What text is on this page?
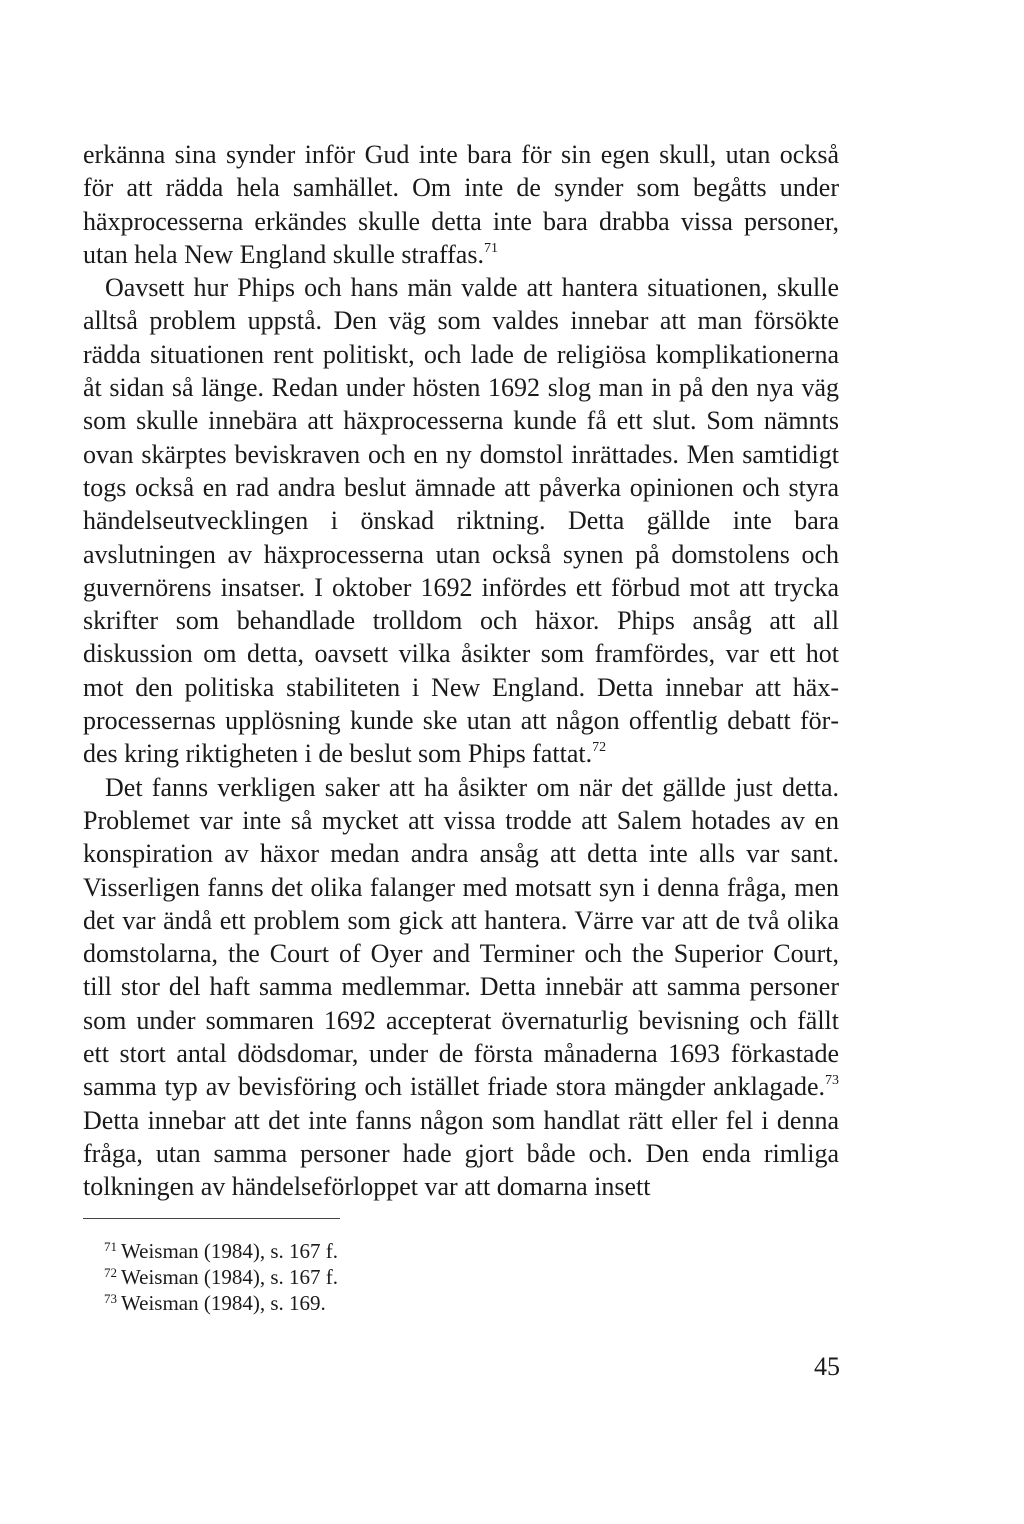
erkänna sina synder inför Gud inte bara för sin egen skull, utan också för att rädda hela samhället. Om inte de synder som begåtts under häxprocesserna erkändes skulle detta inte bara drabba vissa personer, utan hela New England skulle straffas.$^{71}$

Oavsett hur Phips och hans män valde att hantera situationen, skulle alltså problem uppstå. Den väg som valdes innebar att man försökte rädda situationen rent politiskt, och lade de religiösa komplikationerna åt sidan så länge. Redan under hösten 1692 slog man in på den nya väg som skulle innebära att häxprocesserna kunde få ett slut. Som nämnts ovan skärptes beviskraven och en ny domstol inrättades. Men samtidigt togs också en rad andra beslut ämnade att påverka opinionen och styra händelseutvecklingen i önskad riktning. Detta gällde inte bara avslutningen av häxprocesserna utan också synen på domstolens och guvernörens insatser. I oktober 1692 infördes ett förbud mot att trycka skrifter som behandlade trolldom och häxor. Phips ansåg att all diskussion om detta, oavsett vilka åsikter som framfördes, var ett hot mot den politiska stabiliteten i New England. Detta innebar att häxprocessernas upplösning kunde ske utan att någon offentlig debatt fördes kring riktigheten i de beslut som Phips fattat.$^{72}$

Det fanns verkligen saker att ha åsikter om när det gällde just detta. Problemet var inte så mycket att vissa trodde att Salem hotades av en konspiration av häxor medan andra ansåg att detta inte alls var sant. Visserligen fanns det olika falanger med motsatt syn i denna fråga, men det var ändå ett problem som gick att hantera. Värre var att de två olika domstolarna, the Court of Oyer and Terminer och the Superior Court, till stor del haft samma medlemmar. Detta innebär att samma personer som under sommaren 1692 accepterat övernaturlig bevisning och fällt ett stort antal dödsdomar, under de första månaderna 1693 förkastade samma typ av bevisföring och istället friade stora mängder anklagade.$^{73}$ Detta innebar att det inte fanns någon som handlat rätt eller fel i denna fråga, utan samma personer hade gjort både och. Den enda rimliga tolkningen av händelseförloppet var att domarna insett

$^{71}$ Weisman (1984), s. 167 f.
$^{72}$ Weisman (1984), s. 167 f.
$^{73}$ Weisman (1984), s. 169.
45
